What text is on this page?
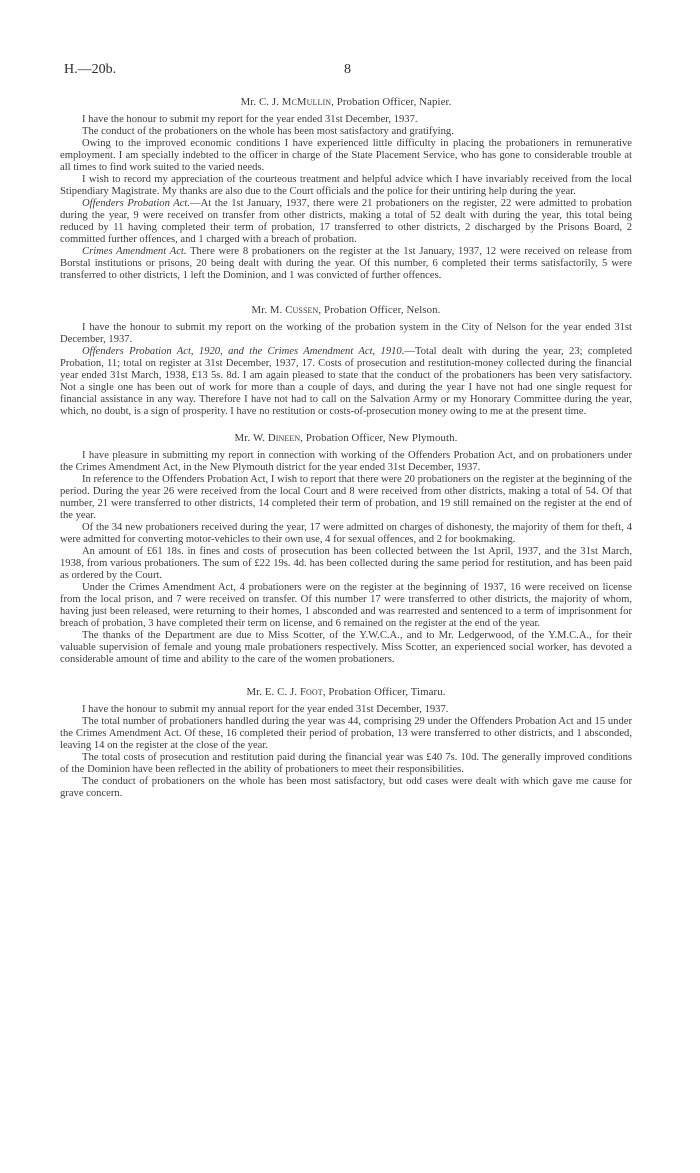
H.—20b.	8
Mr. C. J. McMullin, Probation Officer, Napier.

I have the honour to submit my report for the year ended 31st December, 1937.

The conduct of the probationers on the whole has been most satisfactory and gratifying.

Owing to the improved economic conditions I have experienced little difficulty in placing the probationers in remunerative employment. I am specially indebted to the officer in charge of the State Placement Service, who has gone to considerable trouble at all times to find work suited to the varied needs.

I wish to record my appreciation of the courteous treatment and helpful advice which I have invariably received from the local Stipendiary Magistrate. My thanks are also due to the Court officials and the police for their untiring help during the year.

Offenders Probation Act.—At the 1st January, 1937, there were 21 probationers on the register, 22 were admitted to probation during the year, 9 were received on transfer from other districts, making a total of 52 dealt with during the year, this total being reduced by 11 having completed their term of probation, 17 transferred to other districts, 2 discharged by the Prisons Board, 2 committed further offences, and 1 charged with a breach of probation.

Crimes Amendment Act. There were 8 probationers on the register at the 1st January, 1937, 12 were received on release from Borstal institutions or prisons, 20 being dealt with during the year. Of this number, 6 completed their terms satisfactorily, 5 were transferred to other districts, 1 left the Dominion, and 1 was convicted of further offences.

Mr. M. Cussen, Probation Officer, Nelson.

I have the honour to submit my report on the working of the probation system in the City of Nelson for the year ended 31st December, 1937.

Offenders Probation Act, 1920, and the Crimes Amendment Act, 1910.—Total dealt with during the year, 23; completed Probation, 11; total on register at 31st December, 1937, 17. Costs of prosecution and restitution-money collected during the financial year ended 31st March, 1938, £13 5s. 8d. I am again pleased to state that the conduct of the probationers has been very satisfactory. Not a single one has been out of work for more than a couple of days, and during the year I have not had one single request for financial assistance in any way. Therefore I have not had to call on the Salvation Army or my Honorary Committee during the year, which, no doubt, is a sign of prosperity. I have no restitution or costs-of-prosecution money owing to me at the present time.

Mr. W. Dineen, Probation Officer, New Plymouth.

I have pleasure in submitting my report in connection with working of the Offenders Probation Act, and on probationers under the Crimes Amendment Act, in the New Plymouth district for the year ended 31st December, 1937.

In reference to the Offenders Probation Act, I wish to report that there were 20 probationers on the register at the beginning of the period. During the year 26 were received from the local Court and 8 were received from other districts, making a total of 54. Of that number, 21 were transferred to other districts, 14 completed their term of probation, and 19 still remained on the register at the end of the year.

Of the 34 new probationers received during the year, 17 were admitted on charges of dishonesty, the majority of them for theft, 4 were admitted for converting motor-vehicles to their own use, 4 for sexual offences, and 2 for bookmaking.

An amount of £61 18s. in fines and costs of prosecution has been collected between the 1st April, 1937, and the 31st March, 1938, from various probationers. The sum of £22 19s. 4d. has been collected during the same period for restitution, and has been paid as ordered by the Court.

Under the Crimes Amendment Act, 4 probationers were on the register at the beginning of 1937, 16 were received on license from the local prison, and 7 were received on transfer. Of this number 17 were transferred to other districts, the majority of whom, having just been released, were returning to their homes, 1 absconded and was rearrested and sentenced to a term of imprisonment for breach of probation, 3 have completed their term on license, and 6 remained on the register at the end of the year.

The thanks of the Department are due to Miss Scotter, of the Y.W.C.A., and to Mr. Ledgerwood, of the Y.M.C.A., for their valuable supervision of female and young male probationers respectively. Miss Scotter, an experienced social worker, has devoted a considerable amount of time and ability to the care of the women probationers.

Mr. E. C. J. Foot, Probation Officer, Timaru.

I have the honour to submit my annual report for the year ended 31st December, 1937.

The total number of probationers handled during the year was 44, comprising 29 under the Offenders Probation Act and 15 under the Crimes Amendment Act. Of these, 16 completed their period of probation, 13 were transferred to other districts, and 1 absconded, leaving 14 on the register at the close of the year.

The total costs of prosecution and restitution paid during the financial year was £40 7s. 10d. The generally improved conditions of the Dominion have been reflected in the ability of probationers to meet their responsibilities.

The conduct of probationers on the whole has been most satisfactory, but odd cases were dealt with which gave me cause for grave concern.
